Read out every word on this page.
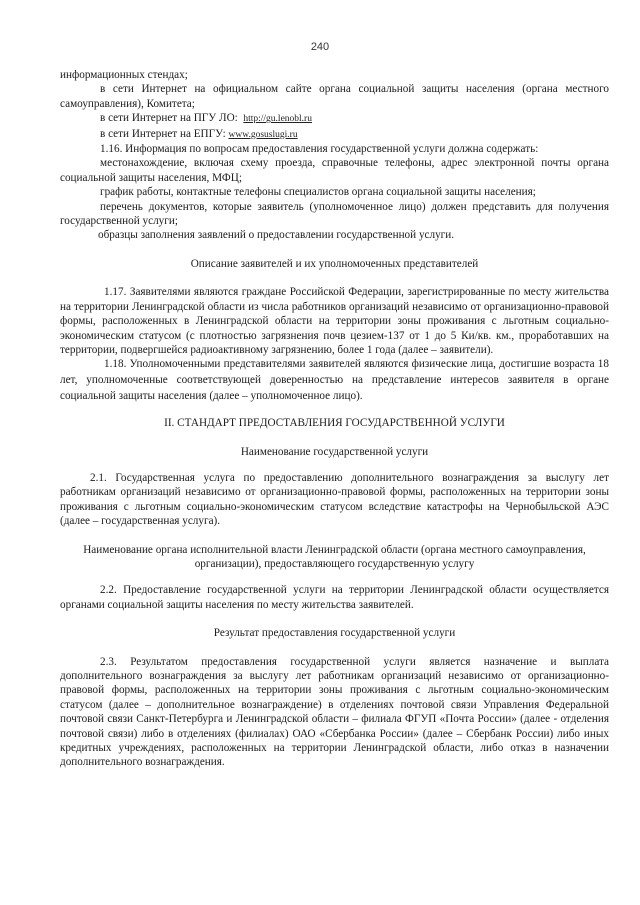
240

информационных стендах;

в сети Интернет на официальном сайте органа социальной защиты населения (органа местного самоуправления), Комитета;

в сети Интернет на ПГУ ЛО: http://gu.lenobl.ru

в сети Интернет на ЕПГУ: www.gosuslugi.ru

1.16. Информация по вопросам предоставления государственной услуги должна содержать:

местонахождение, включая схему проезда, справочные телефоны, адрес электронной почты органа социальной защиты населения, МФЦ;

график работы, контактные телефоны специалистов органа социальной защиты населения;

перечень документов, которые заявитель (уполномоченное лицо) должен представить для получения государственной услуги;

образцы заполнения заявлений о предоставлении государственной услуги.

Описание заявителей и их уполномоченных представителей

1.17. Заявителями являются граждане Российской Федерации, зарегистрированные по месту жительства на территории Ленинградской области из числа работников организаций независимо от организационно-правовой формы, расположенных в Ленинградской области на территории зоны проживания с льготным социально-экономическим статусом (с плотностью загрязнения почв цезием-137 от 1 до 5 Ки/кв. км., проработавших на территории, подвергшейся радиоактивному загрязнению, более 1 года (далее – заявители).

1.18. Уполномоченными представителями заявителей являются физические лица, достигшие возраста 18 лет, уполномоченные соответствующей доверенностью на представление интересов заявителя в органе социальной защиты населения (далее – уполномоченное лицо).

II. СТАНДАРТ ПРЕДОСТАВЛЕНИЯ ГОСУДАРСТВЕННОЙ УСЛУГИ

Наименование государственной услуги

2.1. Государственная услуга по предоставлению дополнительного вознаграждения за выслугу лет работникам организаций независимо от организационно-правовой формы, расположенных на территории зоны проживания с льготным социально-экономическим статусом вследствие катастрофы на Чернобыльской АЭС (далее – государственная услуга).

Наименование органа исполнительной власти Ленинградской области (органа местного самоуправления, организации), предоставляющего государственную услугу

2.2. Предоставление государственной услуги на территории Ленинградской области осуществляется органами социальной защиты населения по месту жительства заявителей.

Результат предоставления государственной услуги

2.3. Результатом предоставления государственной услуги является назначение и выплата дополнительного вознаграждения за выслугу лет работникам организаций независимо от организационно-правовой формы, расположенных на территории зоны проживания с льготным социально-экономическим статусом (далее – дополнительное вознаграждение) в отделениях почтовой связи Управления Федеральной почтовой связи Санкт-Петербурга и Ленинградской области – филиала ФГУП «Почта России» (далее - отделения почтовой связи) либо в отделениях (филиалах) ОАО «Сбербанка России» (далее – Сбербанк России) либо иных кредитных учреждениях, расположенных на территории Ленинградской области, либо отказ в назначении дополнительного вознаграждения.
